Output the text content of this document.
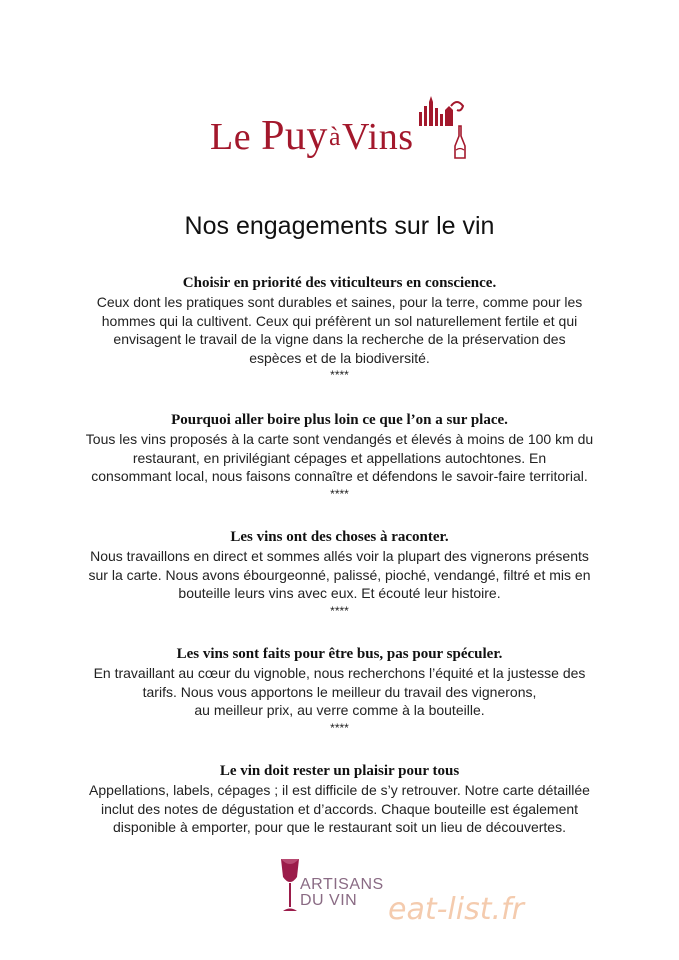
Le PuyàVins
Nos engagements sur le vin
Choisir en priorité des viticulteurs en conscience.

Ceux dont les pratiques sont durables et saines, pour la terre, comme pour les

hommes qui la cultivent. Ceux qui préfèrent un sol naturellement fertile et qui

envisagent le travail de la vigne dans la recherche de la préservation des

espèces et de la biodiversité.

****

Pourquoi aller boire plus loin ce que l’on a sur place.

Tous les vins proposés à la carte sont vendangés et élevés à moins de 100 km du

restaurant, en privilégiant cépages et appellations autochtones. En

consommant local, nous faisons connaître et défendons le savoir-faire territorial.

****

Les vins ont des choses à raconter.

Nous travaillons en direct et sommes allés voir la plupart des vignerons présents

sur la carte. Nous avons ébourgeonné, palissé, pioché, vendangé, filtré et mis en

bouteille leurs vins avec eux. Et écouté leur histoire.

****

Les vins sont faits pour être bus, pas pour spéculer.

En travaillant au cœur du vignoble, nous recherchons l’équité et la justesse des

tarifs. Nous vous apportons le meilleur du travail des vignerons,

au meilleur prix, au verre comme à la bouteille.

****

Le vin doit rester un plaisir pour tous

Appellations, labels, cépages ; il est difficile de s’y retrouver. Notre carte détaillée

inclut des notes de dégustation et d’accords. Chaque bouteille est également

disponible à emporter, pour que le restaurant soit un lieu de découvertes.

ARTISANS
DU VIN	eat-list.fr
